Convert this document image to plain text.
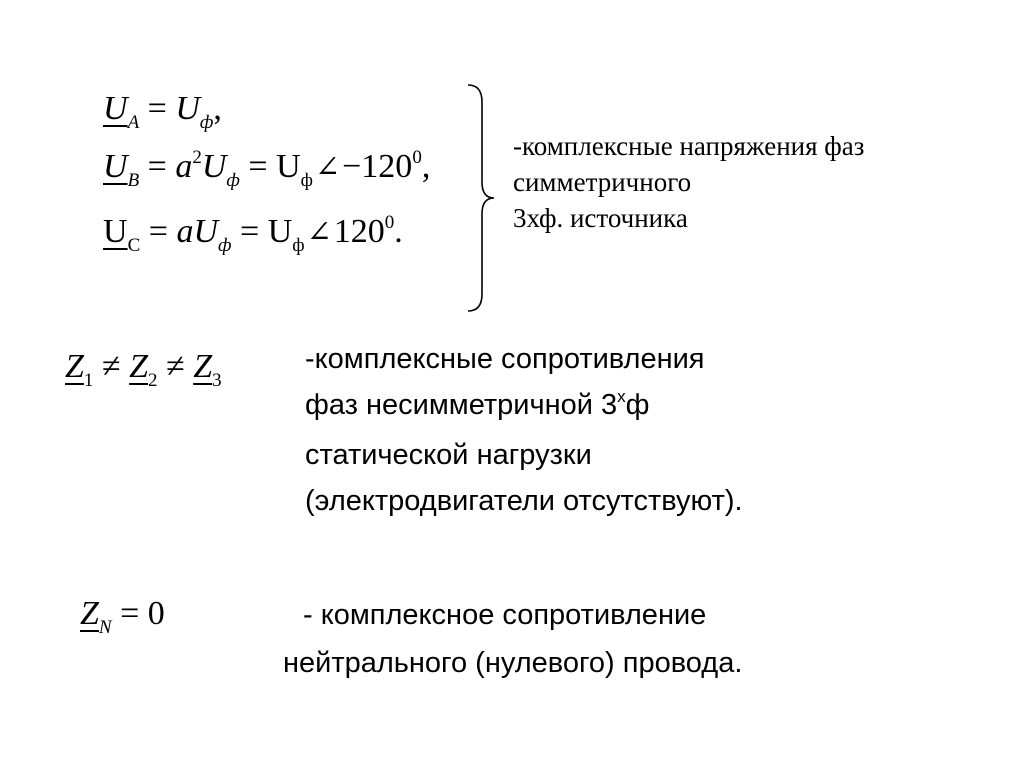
$U_A = U_ф$,
$U_B = a^2U_ф$ = $U_ф\angle-120^0$,
$U_C = aU_ф$ = $U_ф\angle 120^0$.
-комплексные напряжения фаз
симметричного
3хф. источника
$Z_1 \ne Z_2 \ne Z_3$
-комплексные сопротивления
фаз несимметричной $3^хф$
статической нагрузки
(электродвигатели отсутствуют).
$Z_N = 0$	- комплексное сопротивление
нейтрального (нулевого) провода.
